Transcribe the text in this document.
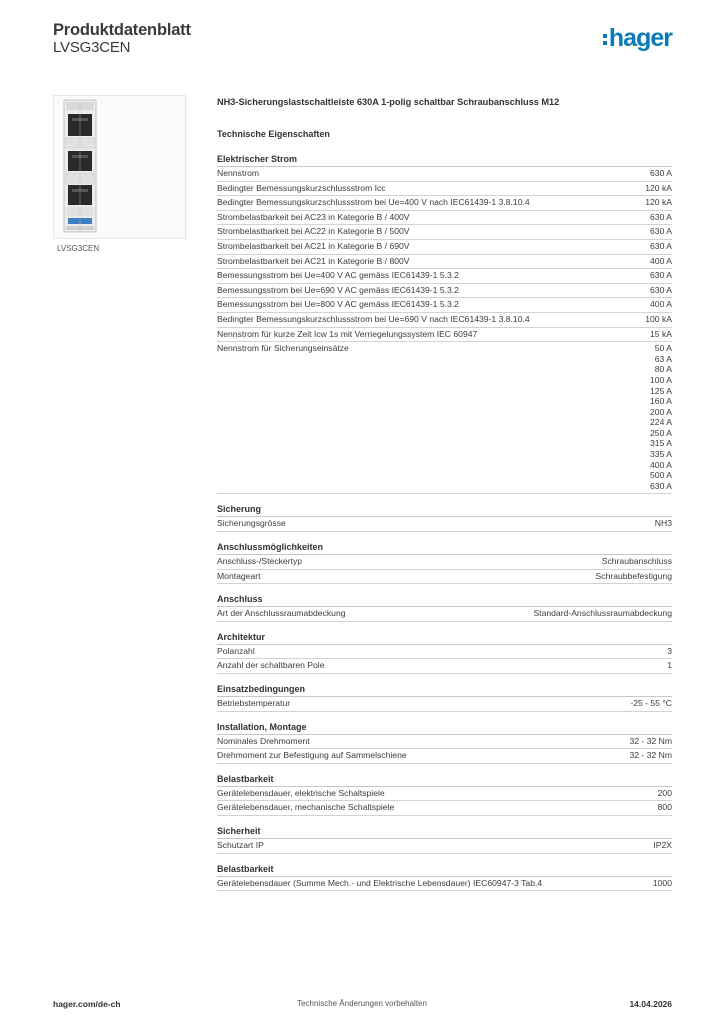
Produktdatenblatt
LVSG3CEN	hager
LVSG3CEN
NH3-Sicherungslastschaltleiste 630A 1-polig schaltbar Schraubanschluss M12
Technische Eigenschaften
Elektrischer Strom
Nennstrom	630 A
Bedingter Bemessungskurzschlussstrom Icc	120 kA
Bedingter Bemessungskurzschlussstrom bei Ue=400 V nach IEC61439-1 3.8.10.4	120 kA
Strombelastbarkeit bei AC23 in Kategorie B / 400V	630 A
Strombelastbarkeit bei AC22 in Kategorie B / 500V	630 A
Strombelastbarkeit bei AC21 in Kategorie B / 690V	630 A
Strombelastbarkeit bei AC21 in Kategorie B / 800V	400 A
Bemessungsstrom bei Ue=400 V AC gemäss IEC61439-1 5.3.2	630 A
Bemessungsstrom bei Ue=690 V AC gemäss IEC61439-1 5.3.2	630 A
Bemessungsstrom bei Ue=800 V AC gemäss IEC61439-1 5.3.2	400 A
Bedingter Bemessungskurzschlussstrom bei Ue=690 V nach IEC61439-1 3.8.10.4	100 kA
Nennstrom für kurze Zeit Icw 1s mit Verriegelungssystem IEC 60947	15 kA
Nennstrom für Sicherungseinsätze	50 A
63 A
80 A
100 A
125 A
160 A
200 A
224 A
250 A
315 A
335 A
400 A
500 A
630 A
Sicherung
Sicherungsgrösse	NH3
Anschlussmöglichkeiten
Anschluss-/Steckertyp	Schraubanschluss
Montageart	Schraubbefestigung
Anschluss
Art der Anschlussraumabdeckung	Standard-Anschlussraumabdeckung
Architektur
Polanzahl	3
Anzahl der schaltbaren Pole	1
Einsatzbedingungen
Betriebstemperatur	-25 - 55 °C
Installation, Montage
Nominales Drehmoment	32 - 32 Nm
Drehmoment zur Befestigung auf Sammelschiene	32 - 32 Nm
Belastbarkeit
Gerätelebensdauer, elektrische Schaltspiele	200
Gerätelebensdauer, mechanische Schaltspiele	800
Sicherheit
Schutzart IP	IP2X
Belastbarkeit
Gerätelebensdauer (Summe Mech.- und Elektrische Lebensdauer) IEC60947-3 Tab.4	1000
hager.com/de-ch	Technische Änderungen vorbehalten	14.04.2026
